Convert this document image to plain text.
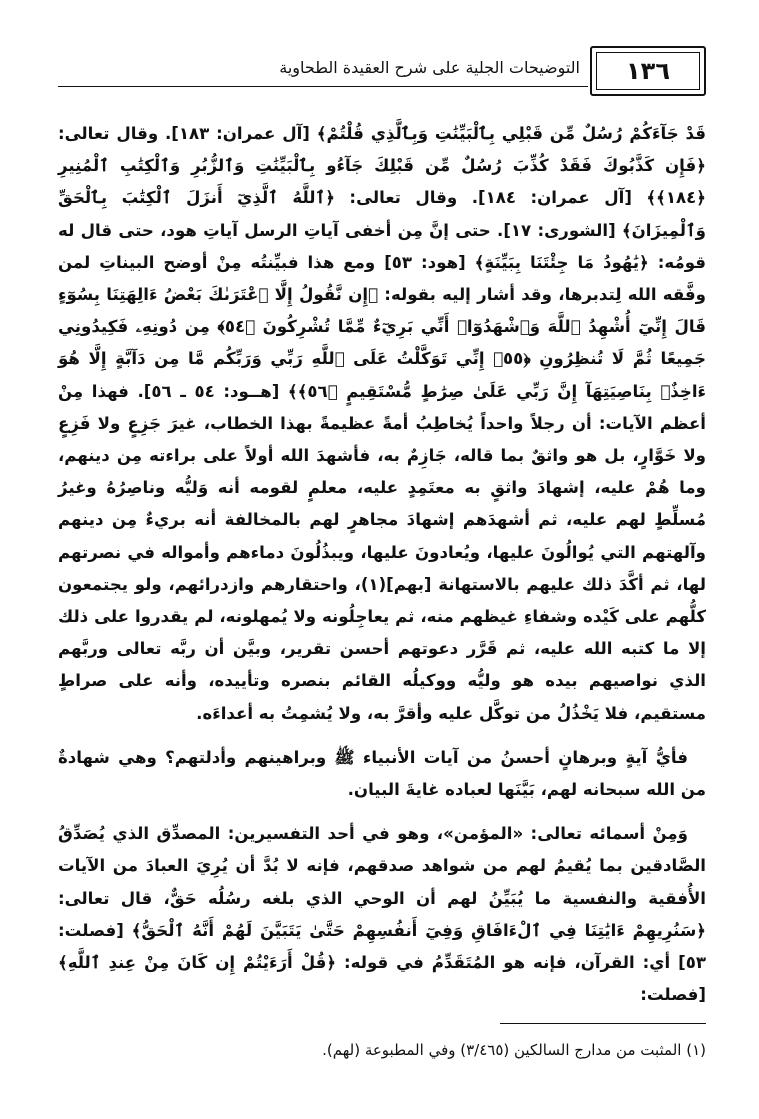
١٣٦
التوضيحات الجلية على شرح العقيدة الطحاوية

قَدْ جَآءَكُمْ رُسُلٌ مِّن قَبْلِي بِٱلْبَيِّنَٰتِ وَبِٱلَّذِي قُلْتُمْ﴾ [آل عمران: ١٨٣]. وقال تعالى: ﴿فَإِن كَذَّبُوكَ فَقَدْ كُذِّبَ رُسُلٌ مِّن قَبْلِكَ جَآءُو بِٱلْبَيِّنَٰتِ وَٱلزُّبُرِ وَٱلْكِتَٰبِ ٱلْمُنِيرِ ﴿١٨٤﴾﴾ [آل عمران: ١٨٤]. وقال تعالى: ﴿ٱللَّهُ ٱلَّذِيٓ أَنزَلَ ٱلْكِتَٰبَ بِٱلْحَقِّ وَٱلْمِيزَانَ﴾ [الشورى: ١٧]. حتى إنَّ مِن أخفى آياتِ الرسل آياتِ هود، حتى قال له قومُه: ﴿يَٰهُودُ مَا جِئْتَنَا بِبَيِّنَةٍ﴾ [هود: ٥٣] ومع هذا فبيِّنتُه مِنْ أوضح البيناتِ لمن وفَّقه الله لِتدبرها، وقد أشار إليه بقوله: ﴿إِن نَّقُولُ إِلَّا ٱعْتَرَىٰكَ بَعْضُ ءَالِهَتِنَا بِسُوٓءٍ قَالَ إِنِّيٓ أُشْهِدُ ٱللَّهَ وَٱشْهَدُوٓا۟ أَنِّي بَرِيٓءٌ مِّمَّا تُشْرِكُونَ ﴿٥٤﴾ مِن دُونِهِۦ فَكِيدُونِي جَمِيعًا ثُمَّ لَا تُنظِرُونِ ﴿٥٥﴾ إِنِّي تَوَكَّلْتُ عَلَى ٱللَّهِ رَبِّي وَرَبِّكُم مَّا مِن دَآبَّةٍ إِلَّا هُوَ ءَاخِذٌۢ بِنَاصِيَتِهَآ إِنَّ رَبِّي عَلَىٰ صِرَٰطٍ مُّسْتَقِيمٍ ﴿٥٦﴾﴾ [هــود: ٥٤ ـ ٥٦]. فهذا مِنْ أعظم الآيات: أن رجلاً واحداً يُخاطِبُ أمةً عظيمةً بهذا الخطاب، غيرَ جَزِعٍ ولا فَزِعٍ ولا خَوَّارٍ، بل هو واثقٌ بما قاله، جَازِمٌ به، فأشهدَ الله أولاً على براءته مِن دينهم، وما هُمْ عليه، إشهادَ واثقٍ به معتَمِدٍ عليه، معلمٍ لقومه أنه وَليُّه وناصِرُهُ وغيرُ مُسلِّطٍ لهم عليه، ثم أشهدَهم إشهادَ مجاهرٍ لهم بالمخالفة أنه بريءٌ مِن دينهم وآلهتهم التي يُوالُونَ عليها، ويُعادونَ عليها، ويبذُلُونَ دماءهم وأمواله في نصرتهم لها، ثم أكَّدَ ذلك عليهم بالاستهانة [بهم](١)، واحتقارهم وازدرائهم، ولو يجتمعون كلُّهم على كَيْده وشفاءِ غيظهم منه، ثم يعاجِلُونه ولا يُمهلونه، لم يقدروا على ذلك إلا ما كتبه الله عليه، ثم قَرَّر دعوتهم أحسن تقرير، وبيَّن أن ربَّه تعالى وربَّهم الذي نواصيهم بيده هو وليُّه ووكيلُه القائم بنصره وتأييده، وأنه على صراطٍ مستقيم، فلا يَخْذُلُ من توكَّل عليه وأقرَّ به، ولا يُشمِتُ به أعداءَه.

فأيُّ آيةٍ وبرهانٍ أحسنُ من آيات الأنبياء ﷺ وبراهينهم وأدلتهم؟ وهي شهادةٌ من الله سبحانه لهم، بَيَّنَها لعباده غايةَ البيان.

وَمِنْ أسمائه تعالى: «المؤمن»، وهو في أحد التفسيرين: المصدِّق الذي يُصَدِّقُ الصَّادقين بما يُقيمُ لهم من شواهد صدقهم، فإنه لا بُدَّ أن يُرِيَ العبادَ من الآيات الأُفقية والنفسية ما يُبَيِّنُ لهم أن الوحي الذي بلغه رسُلُه حَقٌّ، قال تعالى: ﴿سَنُرِيهِمْ ءَايَٰتِنَا فِي ٱلْءَافَاقِ وَفِيٓ أَنفُسِهِمْ حَتَّىٰ يَتَبَيَّنَ لَهُمْ أَنَّهُ ٱلْحَقُّ﴾ [فصلت: ٥٣] أي: القرآن، فإنه هو المُتَقَدِّمُ في قوله: ﴿قُلْ أَرَءَيْتُمْ إِن كَانَ مِنْ عِندِ ٱللَّهِ﴾ [فصلت:

(١) المثبت من مدارج السالكين (٣/٤٦٥) وفي المطبوعة (لهم).
